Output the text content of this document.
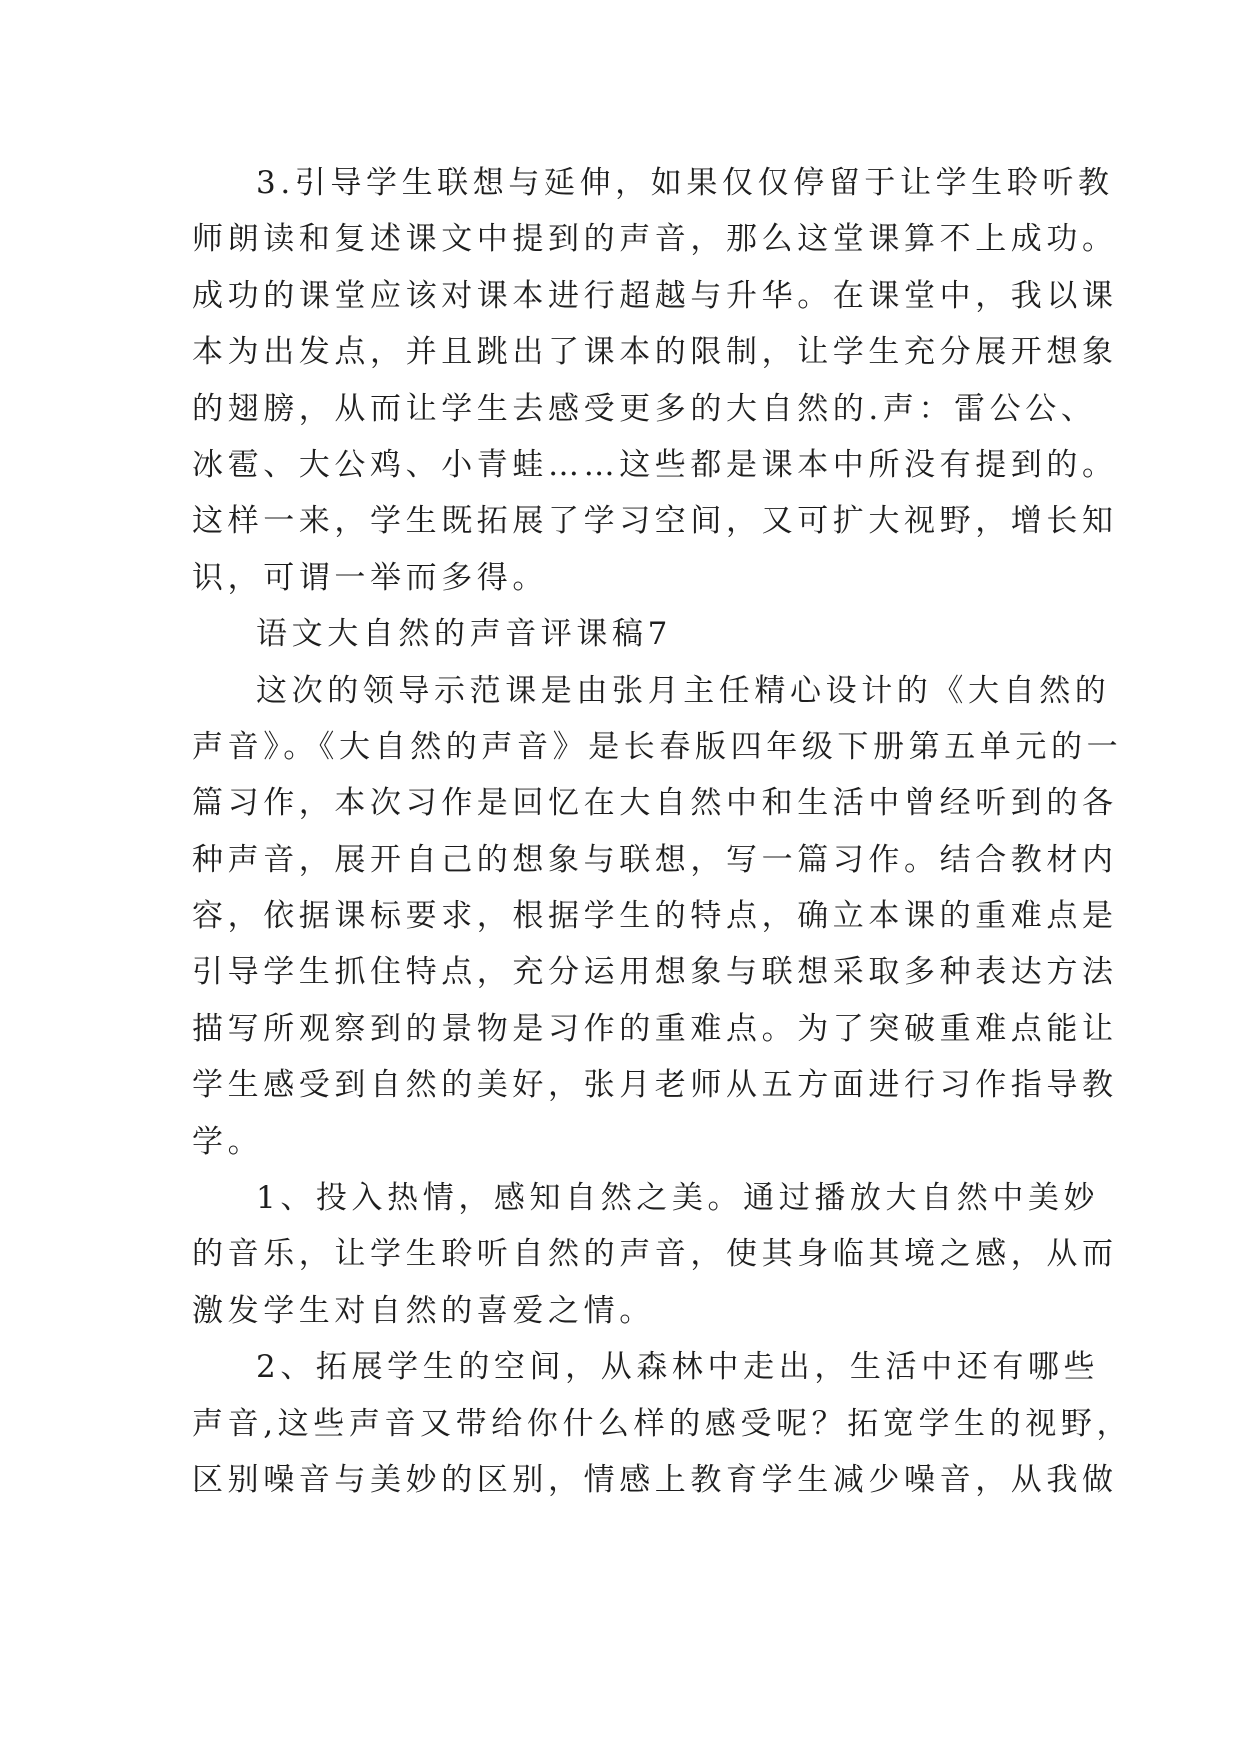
3.引导学生联想与延伸，如果仅仅停留于让学生聆听教
师朗读和复述课文中提到的声音，那么这堂课算不上成功。
成功的课堂应该对课本进行超越与升华。在课堂中，我以课
本为出发点，并且跳出了课本的限制，让学生充分展开想象
的翅膀，从而让学生去感受更多的大自然的.声：雷公公、
冰雹、大公鸡、小青蛙……这些都是课本中所没有提到的。
这样一来，学生既拓展了学习空间，又可扩大视野，增长知
识，可谓一举而多得。
语文大自然的声音评课稿7
这次的领导示范课是由张月主任精心设计的《大自然的
声音》。《大自然的声音》是长春版四年级下册第五单元的一
篇习作，本次习作是回忆在大自然中和生活中曾经听到的各
种声音，展开自己的想象与联想，写一篇习作。结合教材内
容，依据课标要求，根据学生的特点，确立本课的重难点是
引导学生抓住特点，充分运用想象与联想采取多种表达方法
描写所观察到的景物是习作的重难点。为了突破重难点能让
学生感受到自然的美好，张月老师从五方面进行习作指导教
学。
1、投入热情，感知自然之美。通过播放大自然中美妙
的音乐，让学生聆听自然的声音，使其身临其境之感，从而
激发学生对自然的喜爱之情。
2、拓展学生的空间，从森林中走出，生活中还有哪些
声音,这些声音又带给你什么样的感受呢？拓宽学生的视野，
区别噪音与美妙的区别，情感上教育学生减少噪音，从我做
